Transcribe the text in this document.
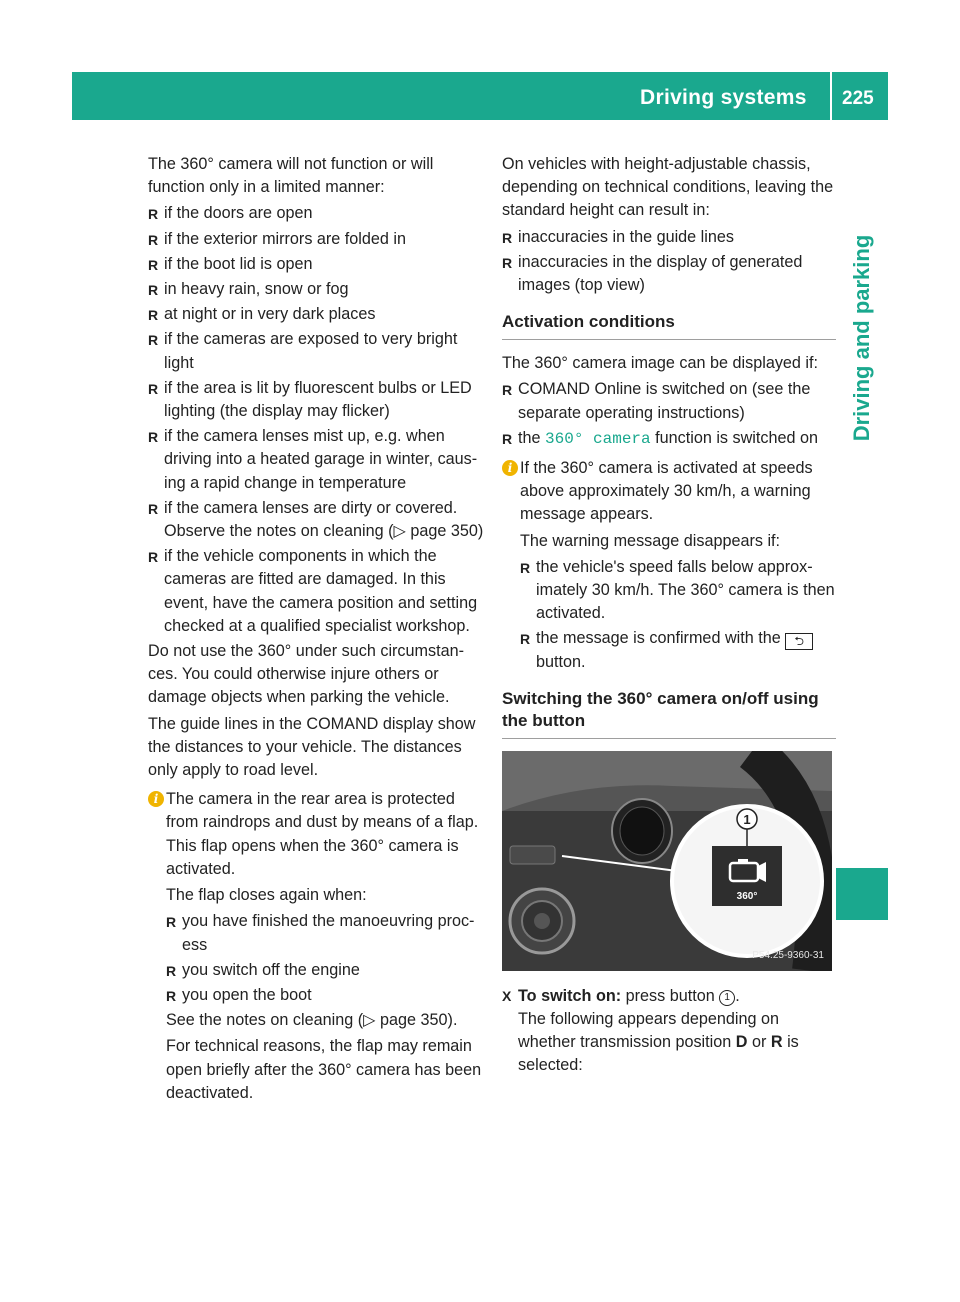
Driving systems 225
Driving and parking

The 360° camera will not function or will function only in a limited manner:

R if the doors are open
R if the exterior mirrors are folded in
R if the boot lid is open
R in heavy rain, snow or fog
R at night or in very dark places
R if the cameras are exposed to very bright light
R if the area is lit by fluorescent bulbs or LED lighting (the display may flicker)
R if the camera lenses mist up, e.g. when driving into a heated garage in winter, caus-ing a rapid change in temperature
R if the camera lenses are dirty or covered. Observe the notes on cleaning (▷ page 350)
R if the vehicle components in which the cameras are fitted are damaged. In this event, have the camera position and setting checked at a qualified specialist workshop.

Do not use the 360° under such circumstan-ces. You could otherwise injure others or damage objects when parking the vehicle.

The guide lines in the COMAND display show the distances to your vehicle. The distances only apply to road level.

i The camera in the rear area is protected from raindrops and dust by means of a flap. This flap opens when the 360° camera is activated.

The flap closes again when:

R you have finished the manoeuvring proc-ess
R you switch off the engine
R you open the boot

See the notes on cleaning (▷ page 350).

For technical reasons, the flap may remain open briefly after the 360° camera has been deactivated.

On vehicles with height-adjustable chassis, depending on technical conditions, leaving the standard height can result in:

R inaccuracies in the guide lines
R inaccuracies in the display of generated images (top view)
Activation conditions

The 360° camera image can be displayed if:

R COMAND Online is switched on (see the separate operating instructions)
R the 360° camera function is switched on
i If the 360° camera is activated at speeds above approximately 30 km/h, a warning message appears.

The warning message disappears if:

R the vehicle's speed falls below approx-imately 30 km/h. The 360° camera is then activated.
R the message is confirmed with the ⮌
button.
Switching the 360° camera on/off using the button
1
360°
P54.25-9360-31
X To switch on: press button 1 .
The following appears depending on whether transmission position D or R is selected:
